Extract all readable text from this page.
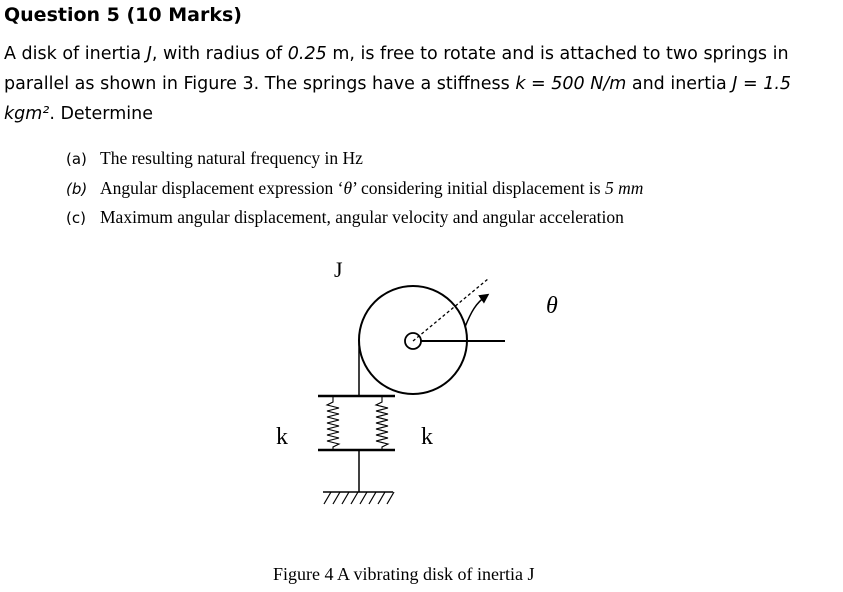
Question 5 (10 Marks)
A disk of inertia J, with radius of 0.25 m, is free to rotate and is attached to two springs in
parallel as shown in Figure 3. The springs have a stiffness k = 500 N/m and inertia J = 1.5
kgm². Determine
(a) The resulting natural frequency in Hz
(b) Angular displacement expression ‘θ’ considering initial displacement is 5 mm
(c) Maximum angular displacement, angular velocity and angular acceleration
J
θ
k	k
Figure 4 A vibrating disk of inertia J
